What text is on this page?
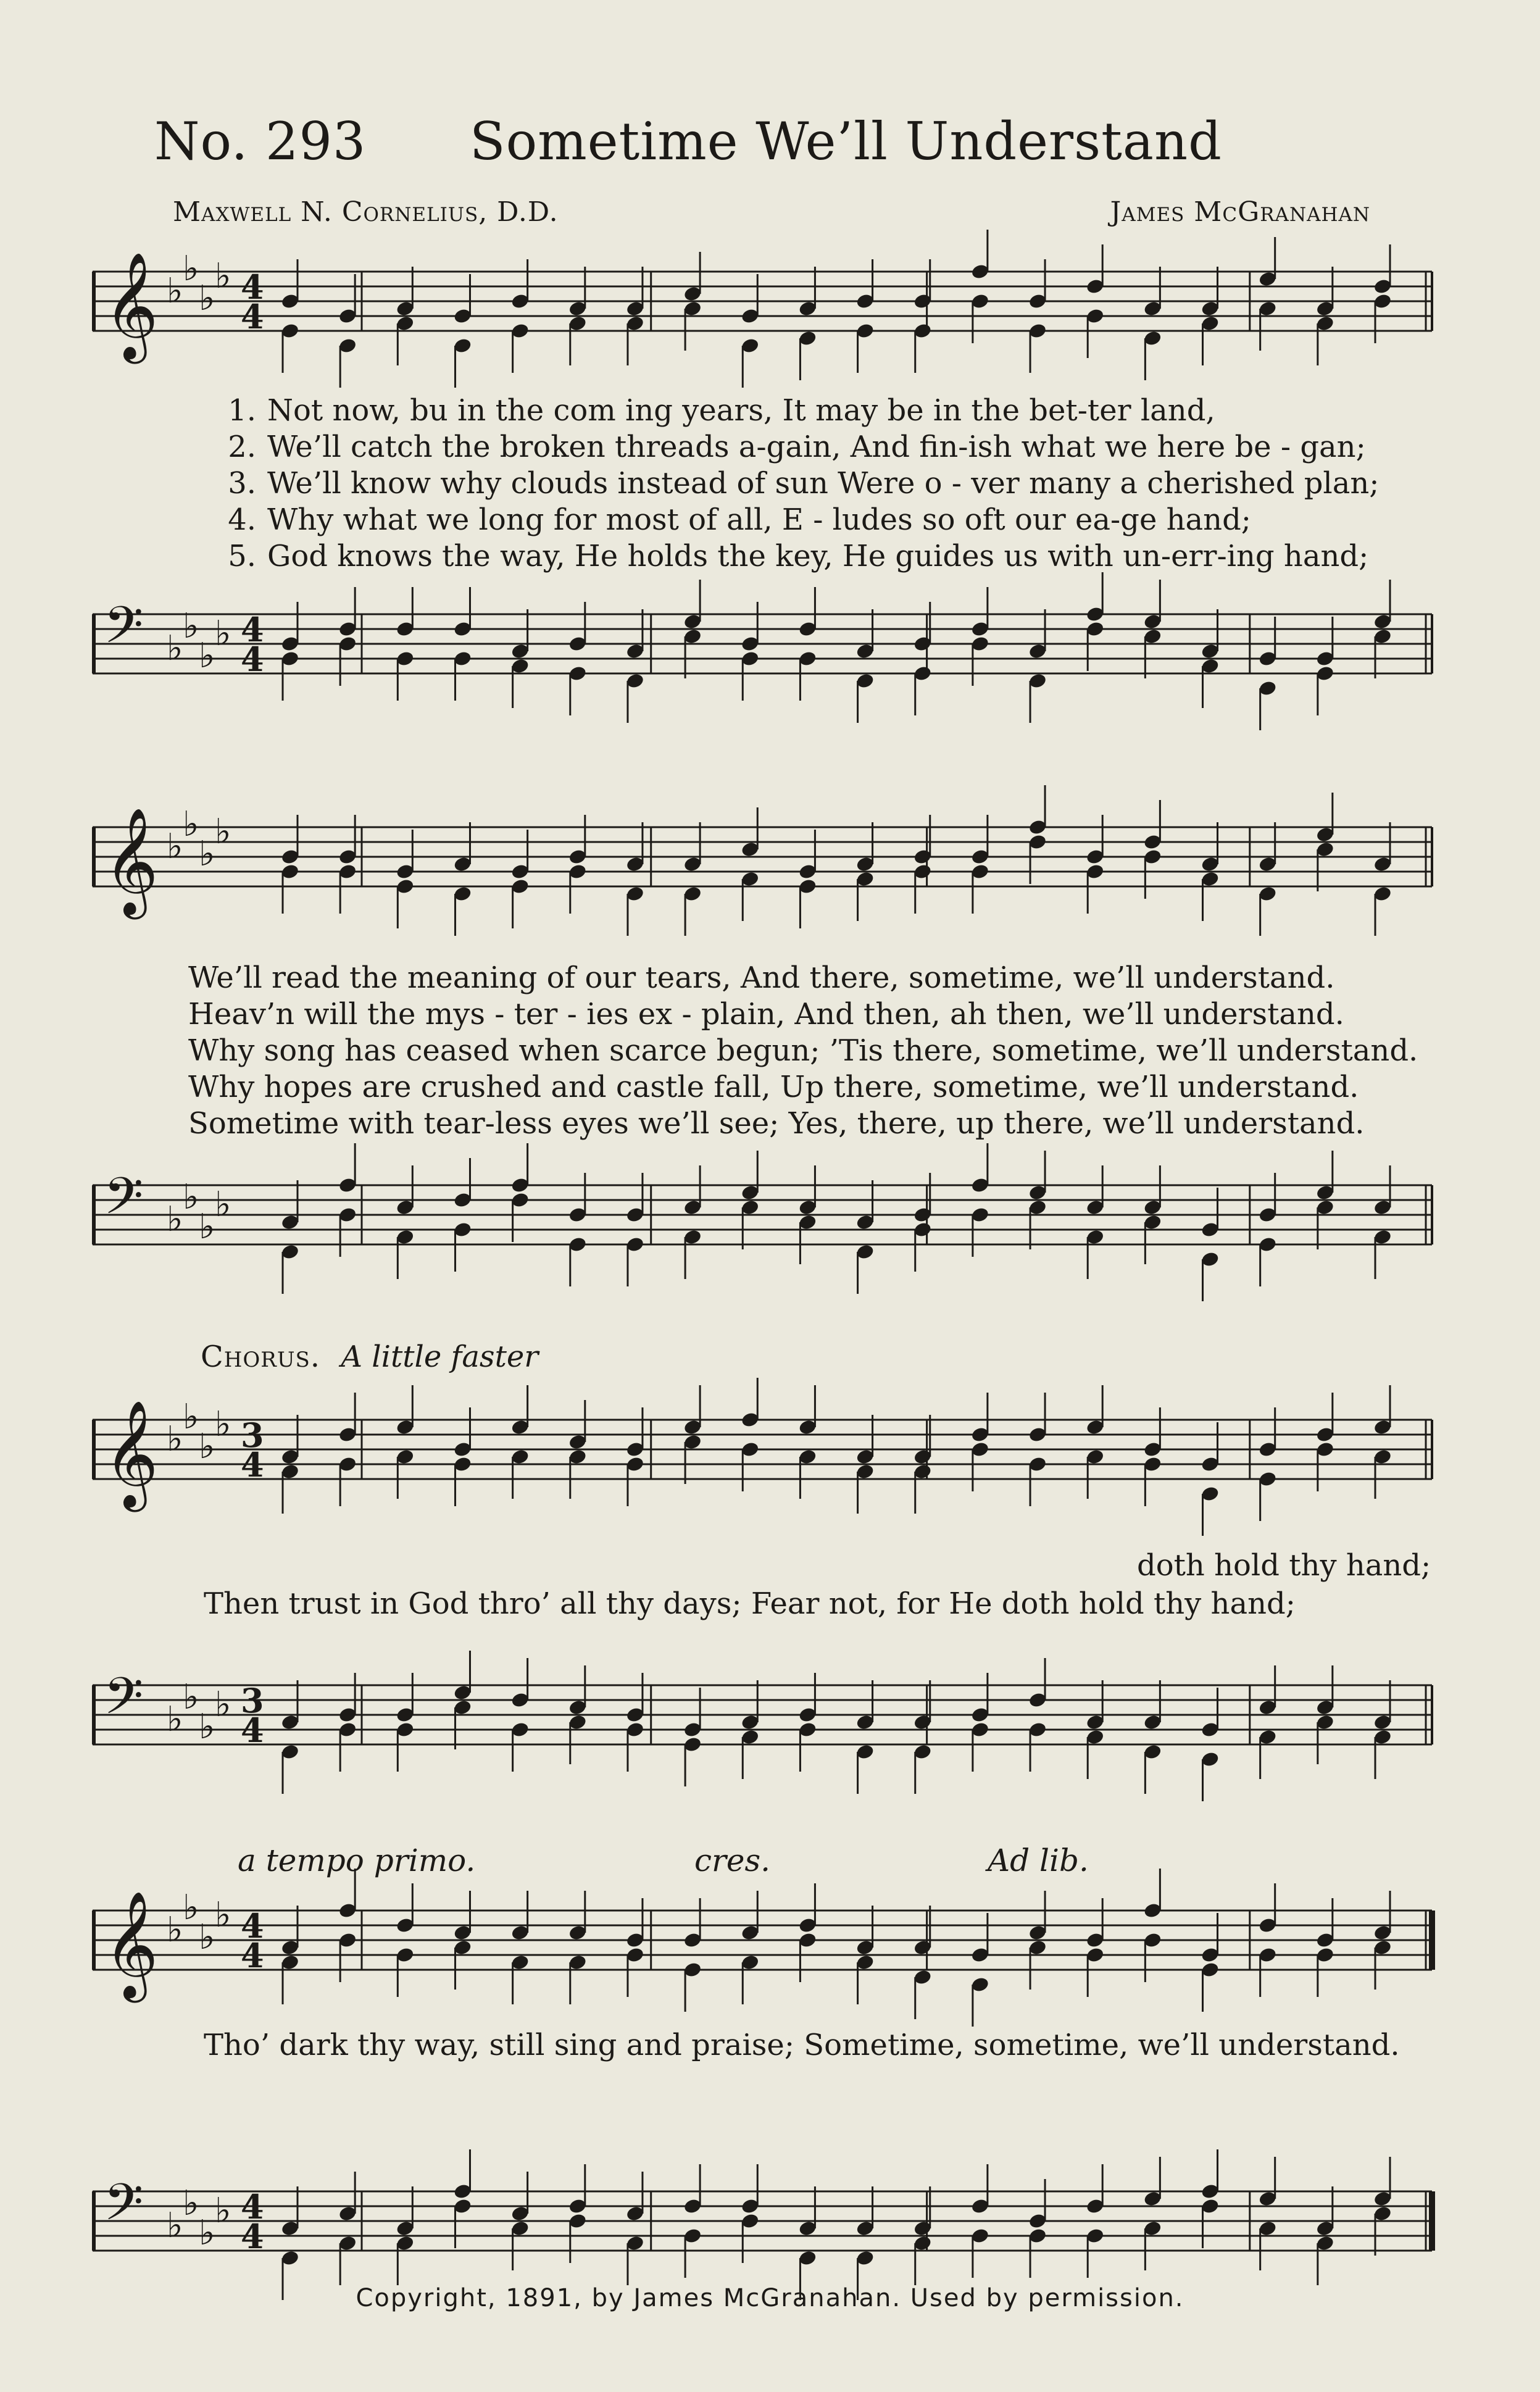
No. 293 Sometime We’ll Understand
Maxwell N. Cornelius, D.D.	James McGranahan
𝄞 ♭
♭
♭
♭ 4
4
𝄢 ♭
♭
♭
♭ 4
4
1. Not now, bu in the com ing years, It may be in the bet-ter land,
2. We’ll catch the broken threads a-gain, And fin-ish what we here be - gan;
3. We’ll know why clouds instead of sun Were o - ver many a cherished plan;
4. Why what we long for most of all, E - ludes so oft our ea-ge hand;
5. God knows the way, He holds the key, He guides us with un-err-ing hand;
𝄞 ♭
♭
♭
♭
𝄢 ♭
♭
♭
♭
We’ll read the meaning of our tears, And there, sometime, we’ll understand.
Heav’n will the mys - ter - ies ex - plain, And then, ah then, we’ll understand.
Why song has ceased when scarce begun; ’Tis there, sometime, we’ll understand.
Why hopes are crushed and castle fall, Up there, sometime, we’ll understand.
Sometime with tear-less eyes we’ll see; Yes, there, up there, we’ll understand.
Chorus. A little faster
𝄞 ♭
♭
♭
♭ 3
4
𝄢 ♭
♭
♭
♭ 3
4
doth hold thy hand;
Then trust in God thro’ all thy days; Fear not, for He doth hold thy hand;
a tempo primo.	cres.	Ad lib.
𝄞 ♭
♭
♭
♭ 4
4
𝄢 ♭
♭
♭
♭ 4
4
Tho’ dark thy way, still sing and praise; Sometime, sometime, we’ll understand.
Copyright, 1891, by James McGranahan. Used by permission.
